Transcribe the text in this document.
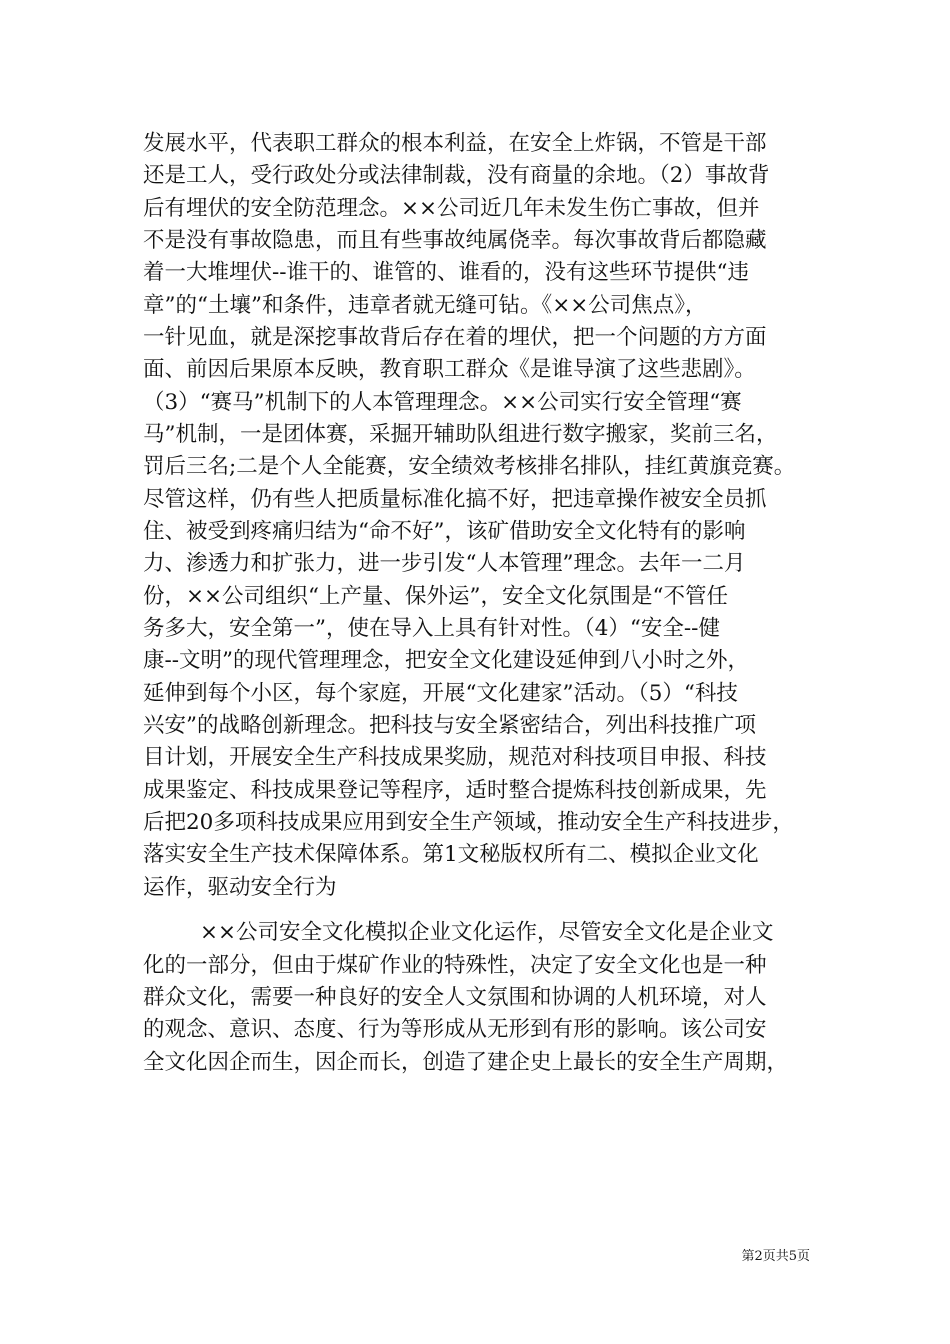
发展水平，代表职工群众的根本利益，在安全上炸锅，不管是干部
还是工人，受行政处分或法律制裁，没有商量的余地。（2）事故背
后有埋伏的安全防范理念。××公司近几年未发生伤亡事故，但并
不是没有事故隐患，而且有些事故纯属侥幸。每次事故背后都隐藏
着一大堆埋伏--谁干的、谁管的、谁看的，没有这些环节提供“违
章”的“土壤”和条件，违章者就无缝可钻。《××公司焦点》，
一针见血，就是深挖事故背后存在着的埋伏，把一个问题的方方面
面、前因后果原本反映，教育职工群众《是谁导演了这些悲剧》。
（3）“赛马”机制下的人本管理理念。××公司实行安全管理“赛
马”机制，一是团体赛，采掘开辅助队组进行数字搬家，奖前三名，
罚后三名;二是个人全能赛，安全绩效考核排名排队，挂红黄旗竞赛。
尽管这样，仍有些人把质量标准化搞不好，把违章操作被安全员抓
住、被受到疼痛归结为“命不好”，该矿借助安全文化特有的影响
力、渗透力和扩张力，进一步引发“人本管理”理念。去年一二月
份，××公司组织“上产量、保外运”，安全文化氛围是“不管任
务多大，安全第一”，使在导入上具有针对性。（4）“安全--健
康--文明”的现代管理理念，把安全文化建设延伸到八小时之外，
延伸到每个小区，每个家庭，开展“文化建家”活动。（5）“科技
兴安”的战略创新理念。把科技与安全紧密结合，列出科技推广项
目计划，开展安全生产科技成果奖励，规范对科技项目申报、科技
成果鉴定、科技成果登记等程序，适时整合提炼科技创新成果，先
后把20多项科技成果应用到安全生产领域，推动安全生产科技进步，
落实安全生产技术保障体系。第1文秘版权所有二、模拟企业文化
运作，驱动安全行为
××公司安全文化模拟企业文化运作，尽管安全文化是企业文
化的一部分，但由于煤矿作业的特殊性，决定了安全文化也是一种
群众文化，需要一种良好的安全人文氛围和协调的人机环境，对人
的观念、意识、态度、行为等形成从无形到有形的影响。该公司安
全文化因企而生，因企而长，创造了建企史上最长的安全生产周期，
第2页共5页
